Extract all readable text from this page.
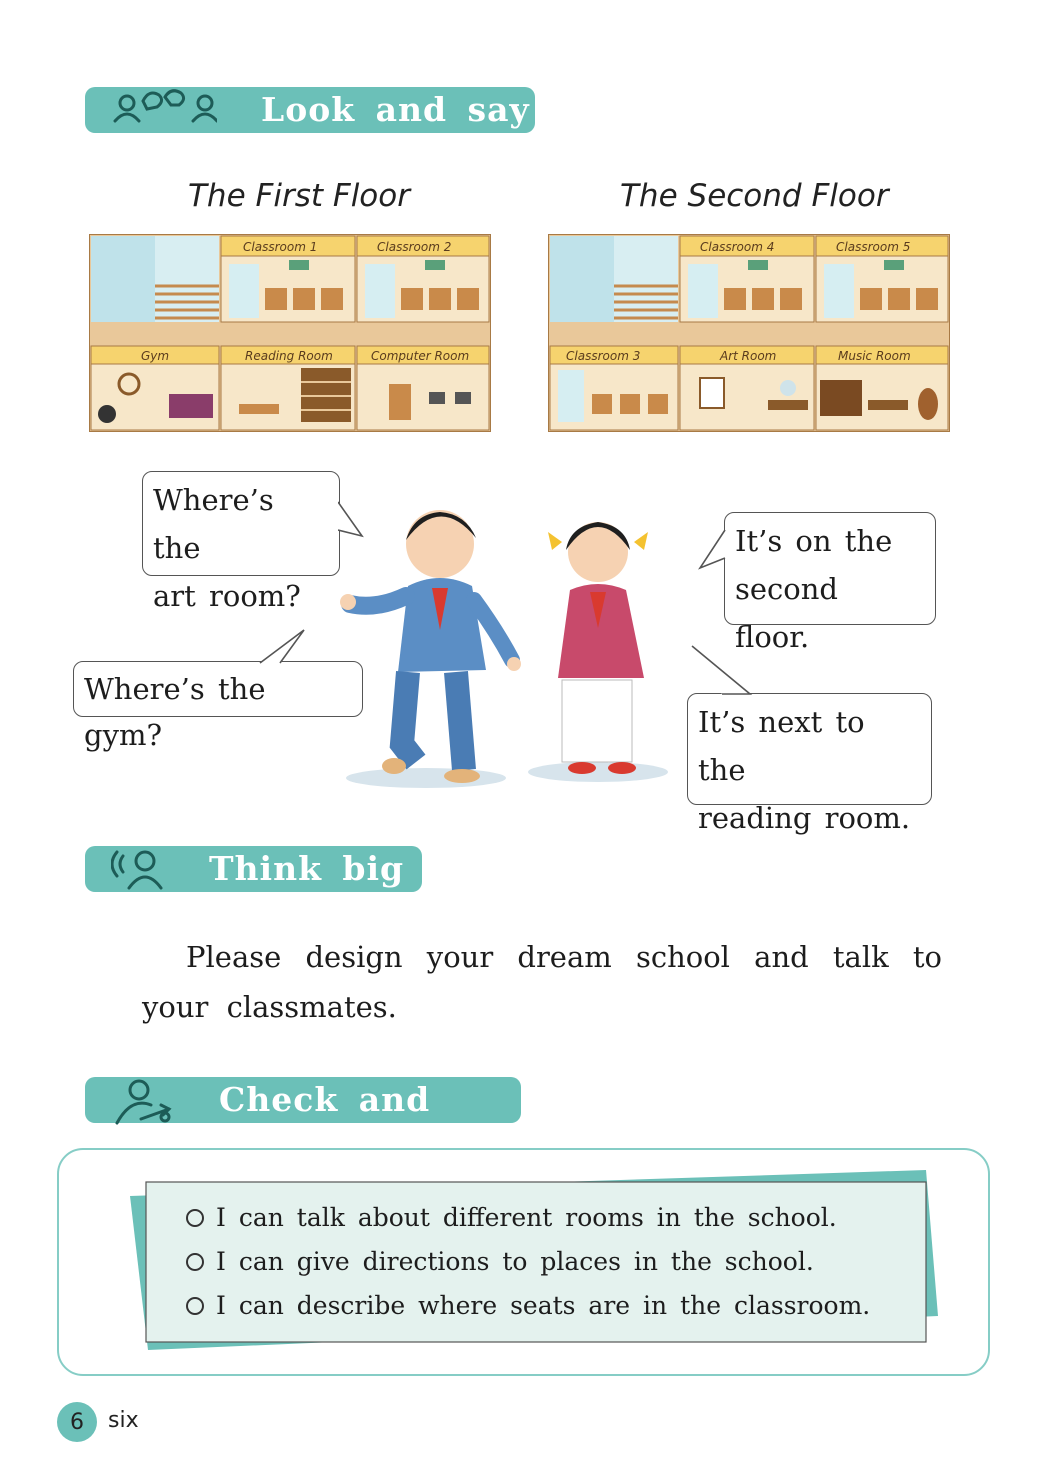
Look and say
The First Floor	The Second Floor
Classroom 1	Classroom 2
Gym	Reading Room	Computer Room
Classroom 4	Classroom 5
Classroom 3	Art Room	Music Room
Where’s the
art room?
Where’s the gym?
It’s on the
second floor.
It’s next to the
reading room.
Think big
Please design your dream school and talk to your classmates.
Check and tick
I can talk about different rooms in the school.
I can give directions to places in the school.
I can describe where seats are in the classroom.
6	six
